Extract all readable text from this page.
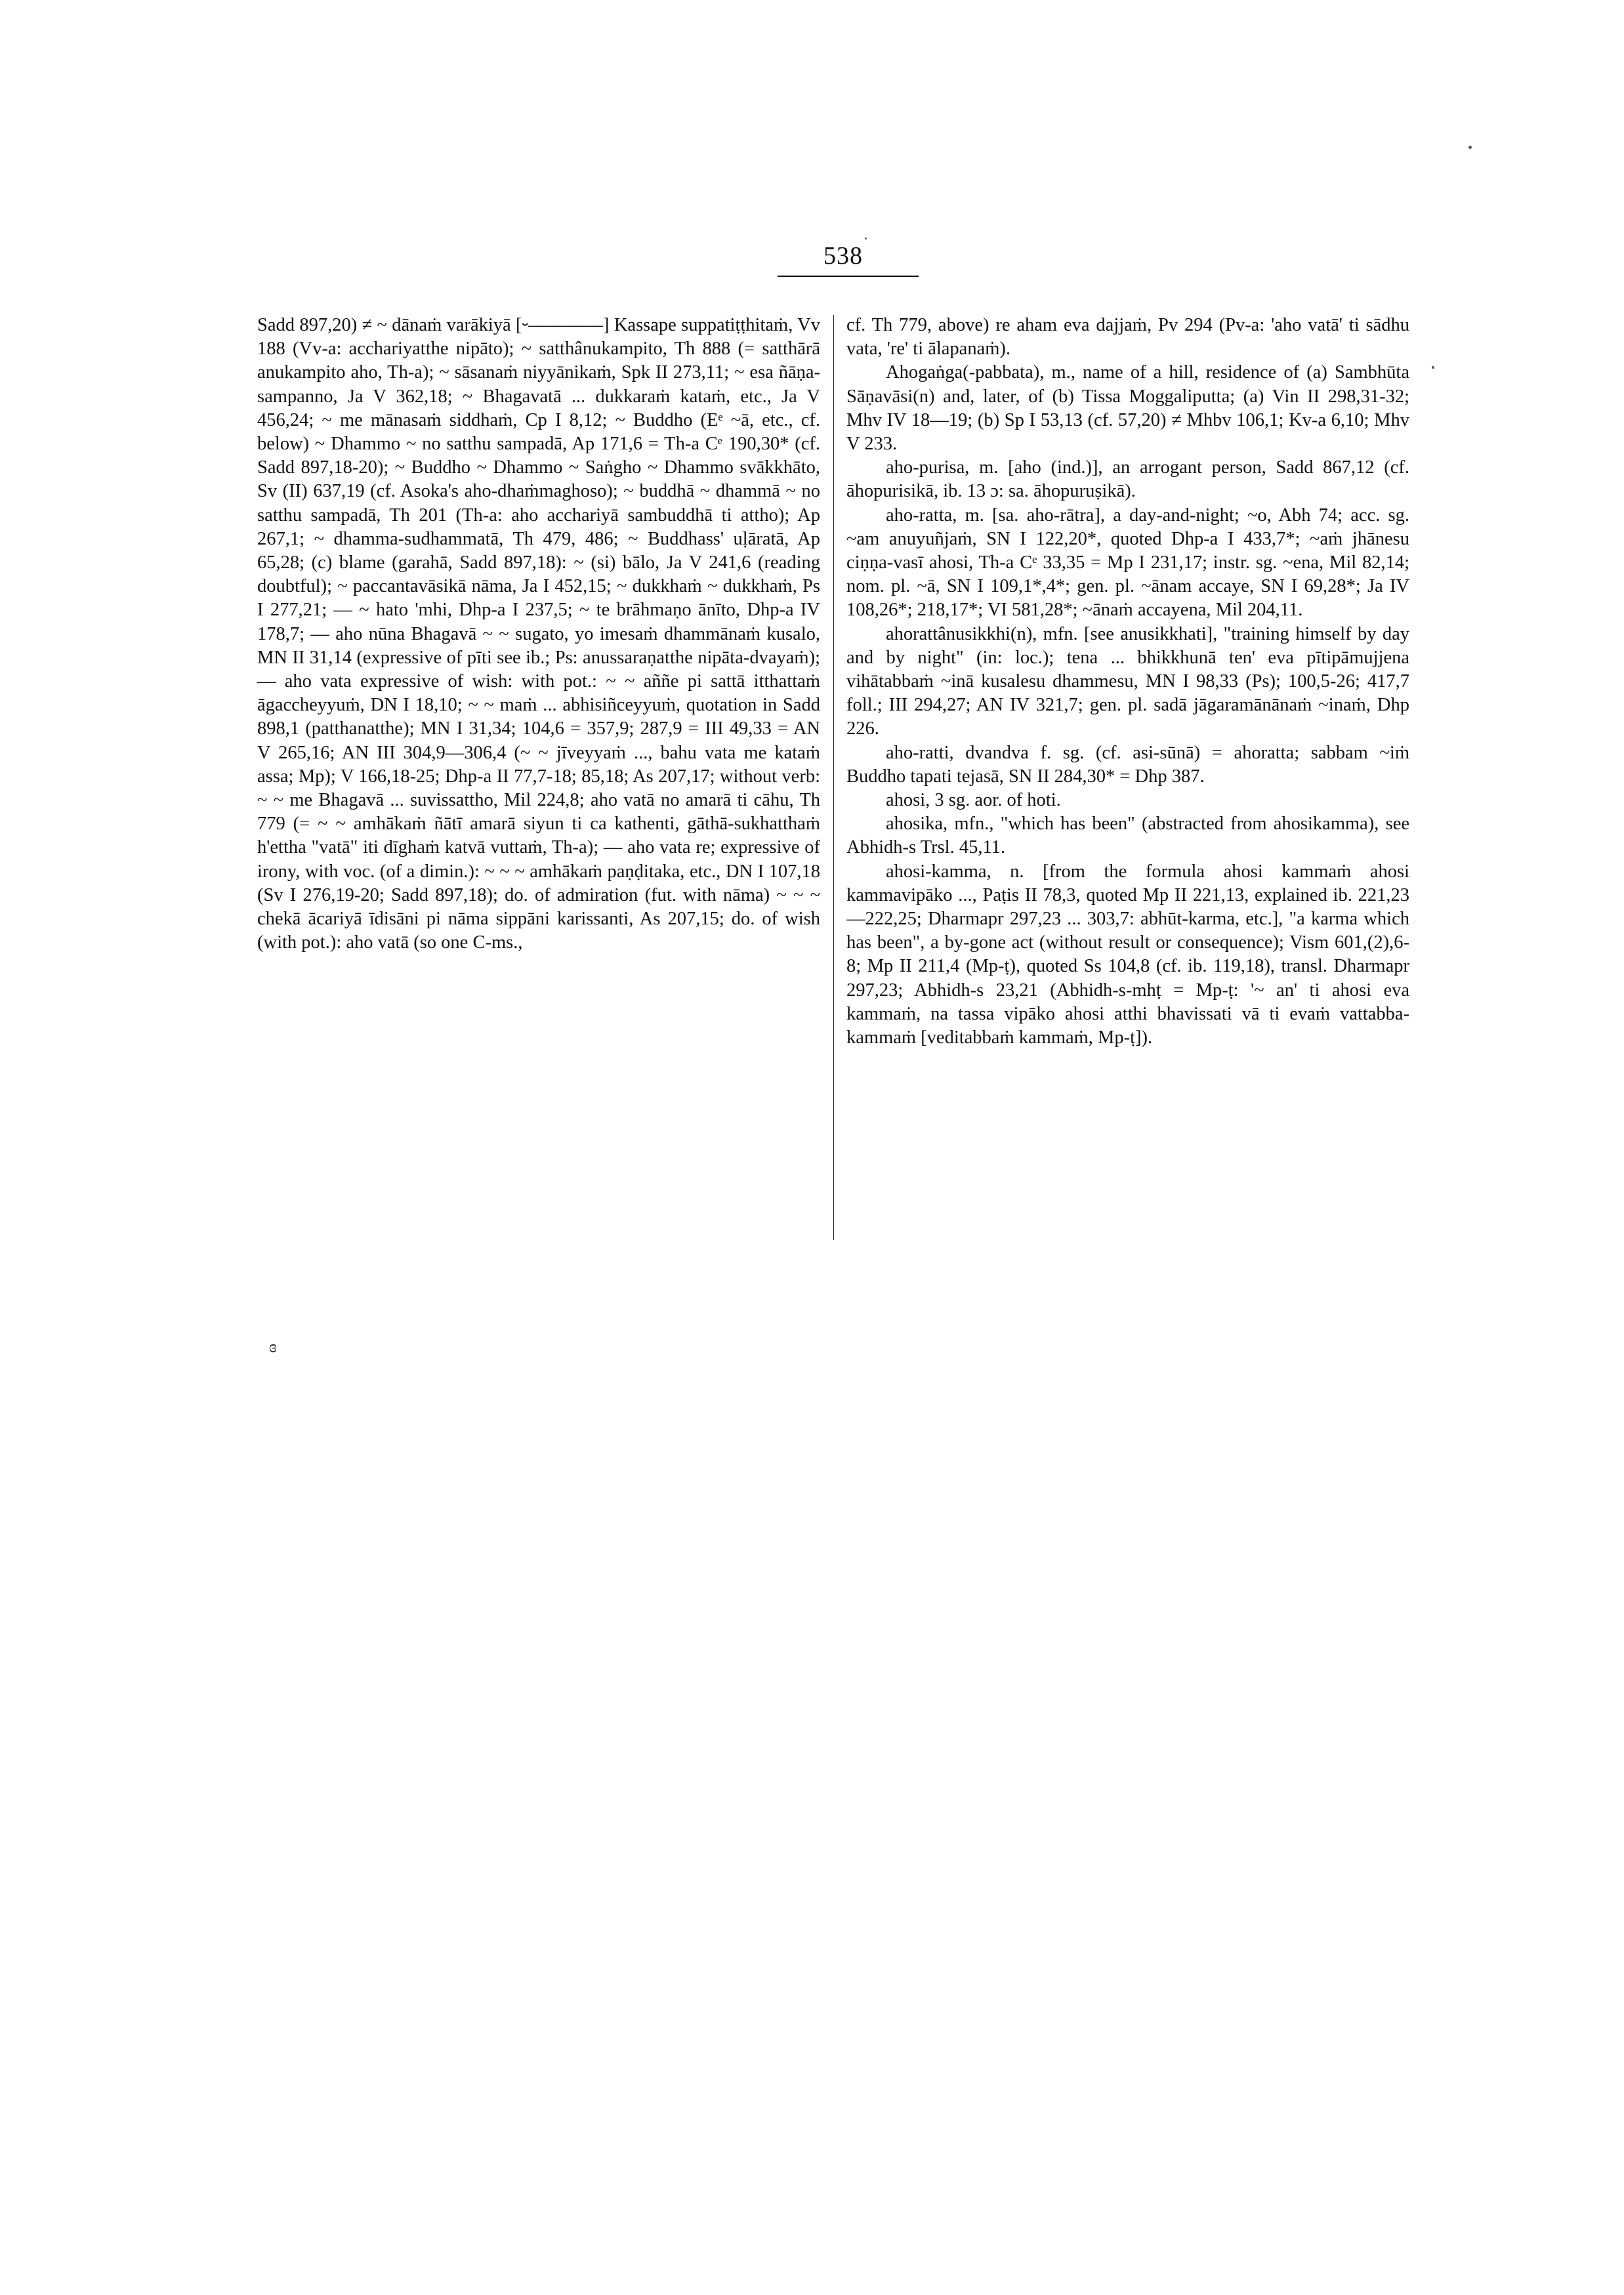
538

Sadd 897,20) ≠ ~ dānaṁ varākiyā [⏑————] Kassape suppatiṭṭhitaṁ, Vv 188 (Vv-a: acchariyatthe nipāto); ~ satthânukampito, Th 888 (= satthārā anukampito aho, Th-a); ~ sāsanaṁ niyyānikaṁ, Spk II 273,11; ~ esa ñāṇa-sampanno, Ja V 362,18; ~ Bhagavatā ... dukkaraṁ kataṁ, etc., Ja V 456,24; ~ me mānasaṁ siddhaṁ, Cp I 8,12; ~ Buddho (Eᵉ ~ā, etc., cf. below) ~ Dhammo ~ no satthu sampadā, Ap 171,6 = Th-a Cᵉ 190,30* (cf. Sadd 897,18-20); ~ Buddho ~ Dhammo ~ Saṅgho ~ Dhammo svākkhāto, Sv (II) 637,19 (cf. Asoka's aho-dhaṁmaghoso); ~ buddhā ~ dhammā ~ no satthu sampadā, Th 201 (Th-a: aho acchariyā sambuddhā ti attho); Ap 267,1; ~ dhamma-sudhammatā, Th 479, 486; ~ Buddhass' uḷāratā, Ap 65,28; (c) blame (garahā, Sadd 897,18): ~ (si) bālo, Ja V 241,6 (reading doubtful); ~ paccantavāsikā nāma, Ja I 452,15; ~ dukkhaṁ ~ dukkhaṁ, Ps I 277,21; — ~ hato 'mhi, Dhp-a I 237,5; ~ te brāhmaṇo ānīto, Dhp-a IV 178,7; — aho nūna Bhagavā ~ ~ sugato, yo imesaṁ dhammānaṁ kusalo, MN II 31,14 (expressive of pīti see ib.; Ps: anussaraṇatthe nipāta-dvayaṁ); — aho vata expressive of wish: with pot.: ~ ~ aññe pi sattā itthattaṁ āgaccheyyuṁ, DN I 18,10; ~ ~ maṁ ... abhisiñceyyuṁ, quotation in Sadd 898,1 (patthanatthe); MN I 31,34; 104,6 = 357,9; 287,9 = III 49,33 = AN V 265,16; AN III 304,9—306,4 (~ ~ jīveyyaṁ ..., bahu vata me kataṁ assa; Mp); V 166,18-25; Dhp-a II 77,7-18; 85,18; As 207,17; without verb: ~ ~ me Bhagavā ... suvissattho, Mil 224,8; aho vatā no amarā ti cāhu, Th 779 (= ~ ~ amhākaṁ ñātī amarā siyun ti ca kathenti, gāthā-sukhatthaṁ h'ettha "vatā" iti dīghaṁ katvā vuttaṁ, Th-a); — aho vata re; expressive of irony, with voc. (of a dimin.): ~ ~ ~ amhākaṁ paṇḍitaka, etc., DN I 107,18 (Sv I 276,19-20; Sadd 897,18); do. of admiration (fut. with nāma) ~ ~ ~ chekā ācariyā īdisāni pi nāma sippāni karissanti, As 207,15; do. of wish (with pot.): aho vatā (so one C-ms.,

cf. Th 779, above) re aham eva dajjaṁ, Pv 294 (Pv-a: 'aho vatā' ti sādhu vata, 're' ti ālapanaṁ).

Ahogaṅga(-pabbata), m., name of a hill, residence of (a) Sambhūta Sāṇavāsi(n) and, later, of (b) Tissa Moggaliputta; (a) Vin II 298,31-32; Mhv IV 18—19; (b) Sp I 53,13 (cf. 57,20) ≠ Mhbv 106,1; Kv-a 6,10; Mhv V 233.

aho-purisa, m. [aho (ind.)], an arrogant person, Sadd 867,12 (cf. āhopurisikā, ib. 13 ɔ: sa. āhopuruṣikā).

aho-ratta, m. [sa. aho-rātra], a day-and-night; ~o, Abh 74; acc. sg. ~am anuyuñjaṁ, SN I 122,20*, quoted Dhp-a I 433,7*; ~aṁ jhānesu ciṇṇa-vasī ahosi, Th-a Cᵉ 33,35 = Mp I 231,17; instr. sg. ~ena, Mil 82,14; nom. pl. ~ā, SN I 109,1*,4*; gen. pl. ~ānam accaye, SN I 69,28*; Ja IV 108,26*; 218,17*; VI 581,28*; ~ānaṁ accayena, Mil 204,11.

ahorattânusikkhi(n), mfn. [see anusikkhati], "training himself by day and by night" (in: loc.); tena ... bhikkhunā ten' eva pītipāmujjena vihātabbaṁ ~inā kusalesu dhammesu, MN I 98,33 (Ps); 100,5-26; 417,7 foll.; III 294,27; AN IV 321,7; gen. pl. sadā jāgaramānānaṁ ~inaṁ, Dhp 226.

aho-ratti, dvandva f. sg. (cf. asi-sūnā) = ahoratta; sabbam ~iṁ Buddho tapati tejasā, SN II 284,30* = Dhp 387.

ahosi, 3 sg. aor. of hoti.

ahosika, mfn., "which has been" (abstracted from ahosikamma), see Abhidh-s Trsl. 45,11.

ahosi-kamma, n. [from the formula ahosi kammaṁ ahosi kammavipāko ..., Paṭis II 78,3, quoted Mp II 221,13, explained ib. 221,23—222,25; Dharmapr 297,23 ... 303,7: abhūt-karma, etc.], "a karma which has been", a by-gone act (without result or consequence); Vism 601,(2),6-8; Mp II 211,4 (Mp-ṭ), quoted Ss 104,8 (cf. ib. 119,18), transl. Dharmapr 297,23; Abhidh-s 23,21 (Abhidh-s-mhṭ = Mp-ṭ: '~ an' ti ahosi eva kammaṁ, na tassa vipāko ahosi atthi bhavissati vā ti evaṁ vattabba-kammaṁ [veditabbaṁ kammaṁ, Mp-ṭ]).

ɞ
